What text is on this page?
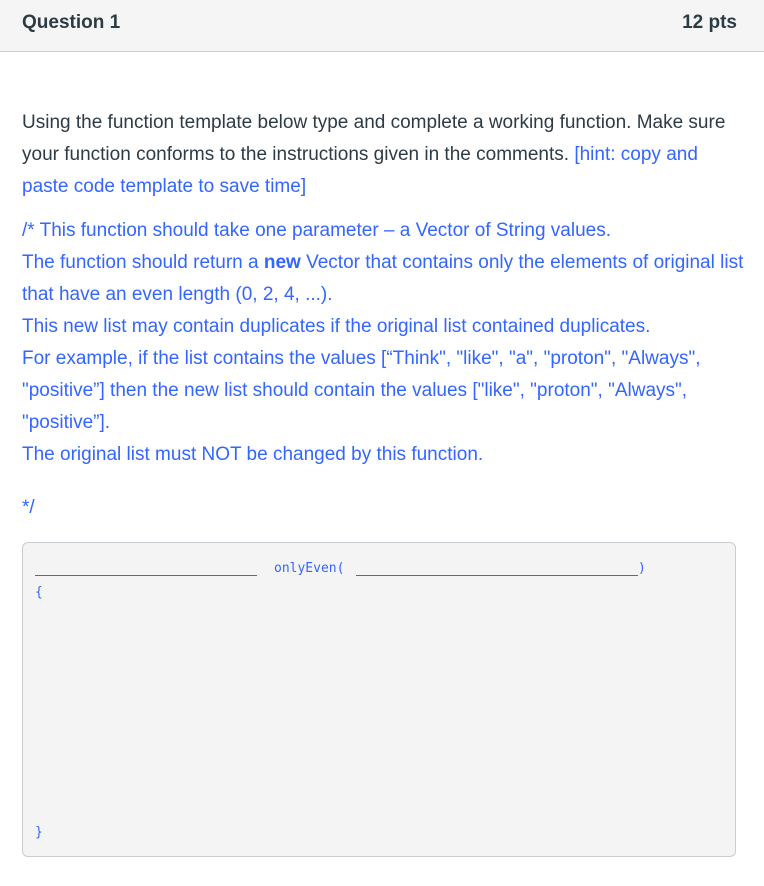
Question 1	12 pts

Using the function template below type and complete a working function. Make sure your function conforms to the instructions given in the comments. [hint: copy and paste code template to save time]

/* This function should take one parameter – a Vector of String values.

The function should return a new Vector that contains only the elements of original list that have an even length (0, 2, 4, ...).

This new list may contain duplicates if the original list contained duplicates.

For example, if the list contains the values [“Think", "like", "a", "proton", "Always", "positive”] then the new list should contain the values ["like", "proton", "Always", "positive”].

The original list must NOT be changed by this function.

*/
onlyEven(	)
{
}
